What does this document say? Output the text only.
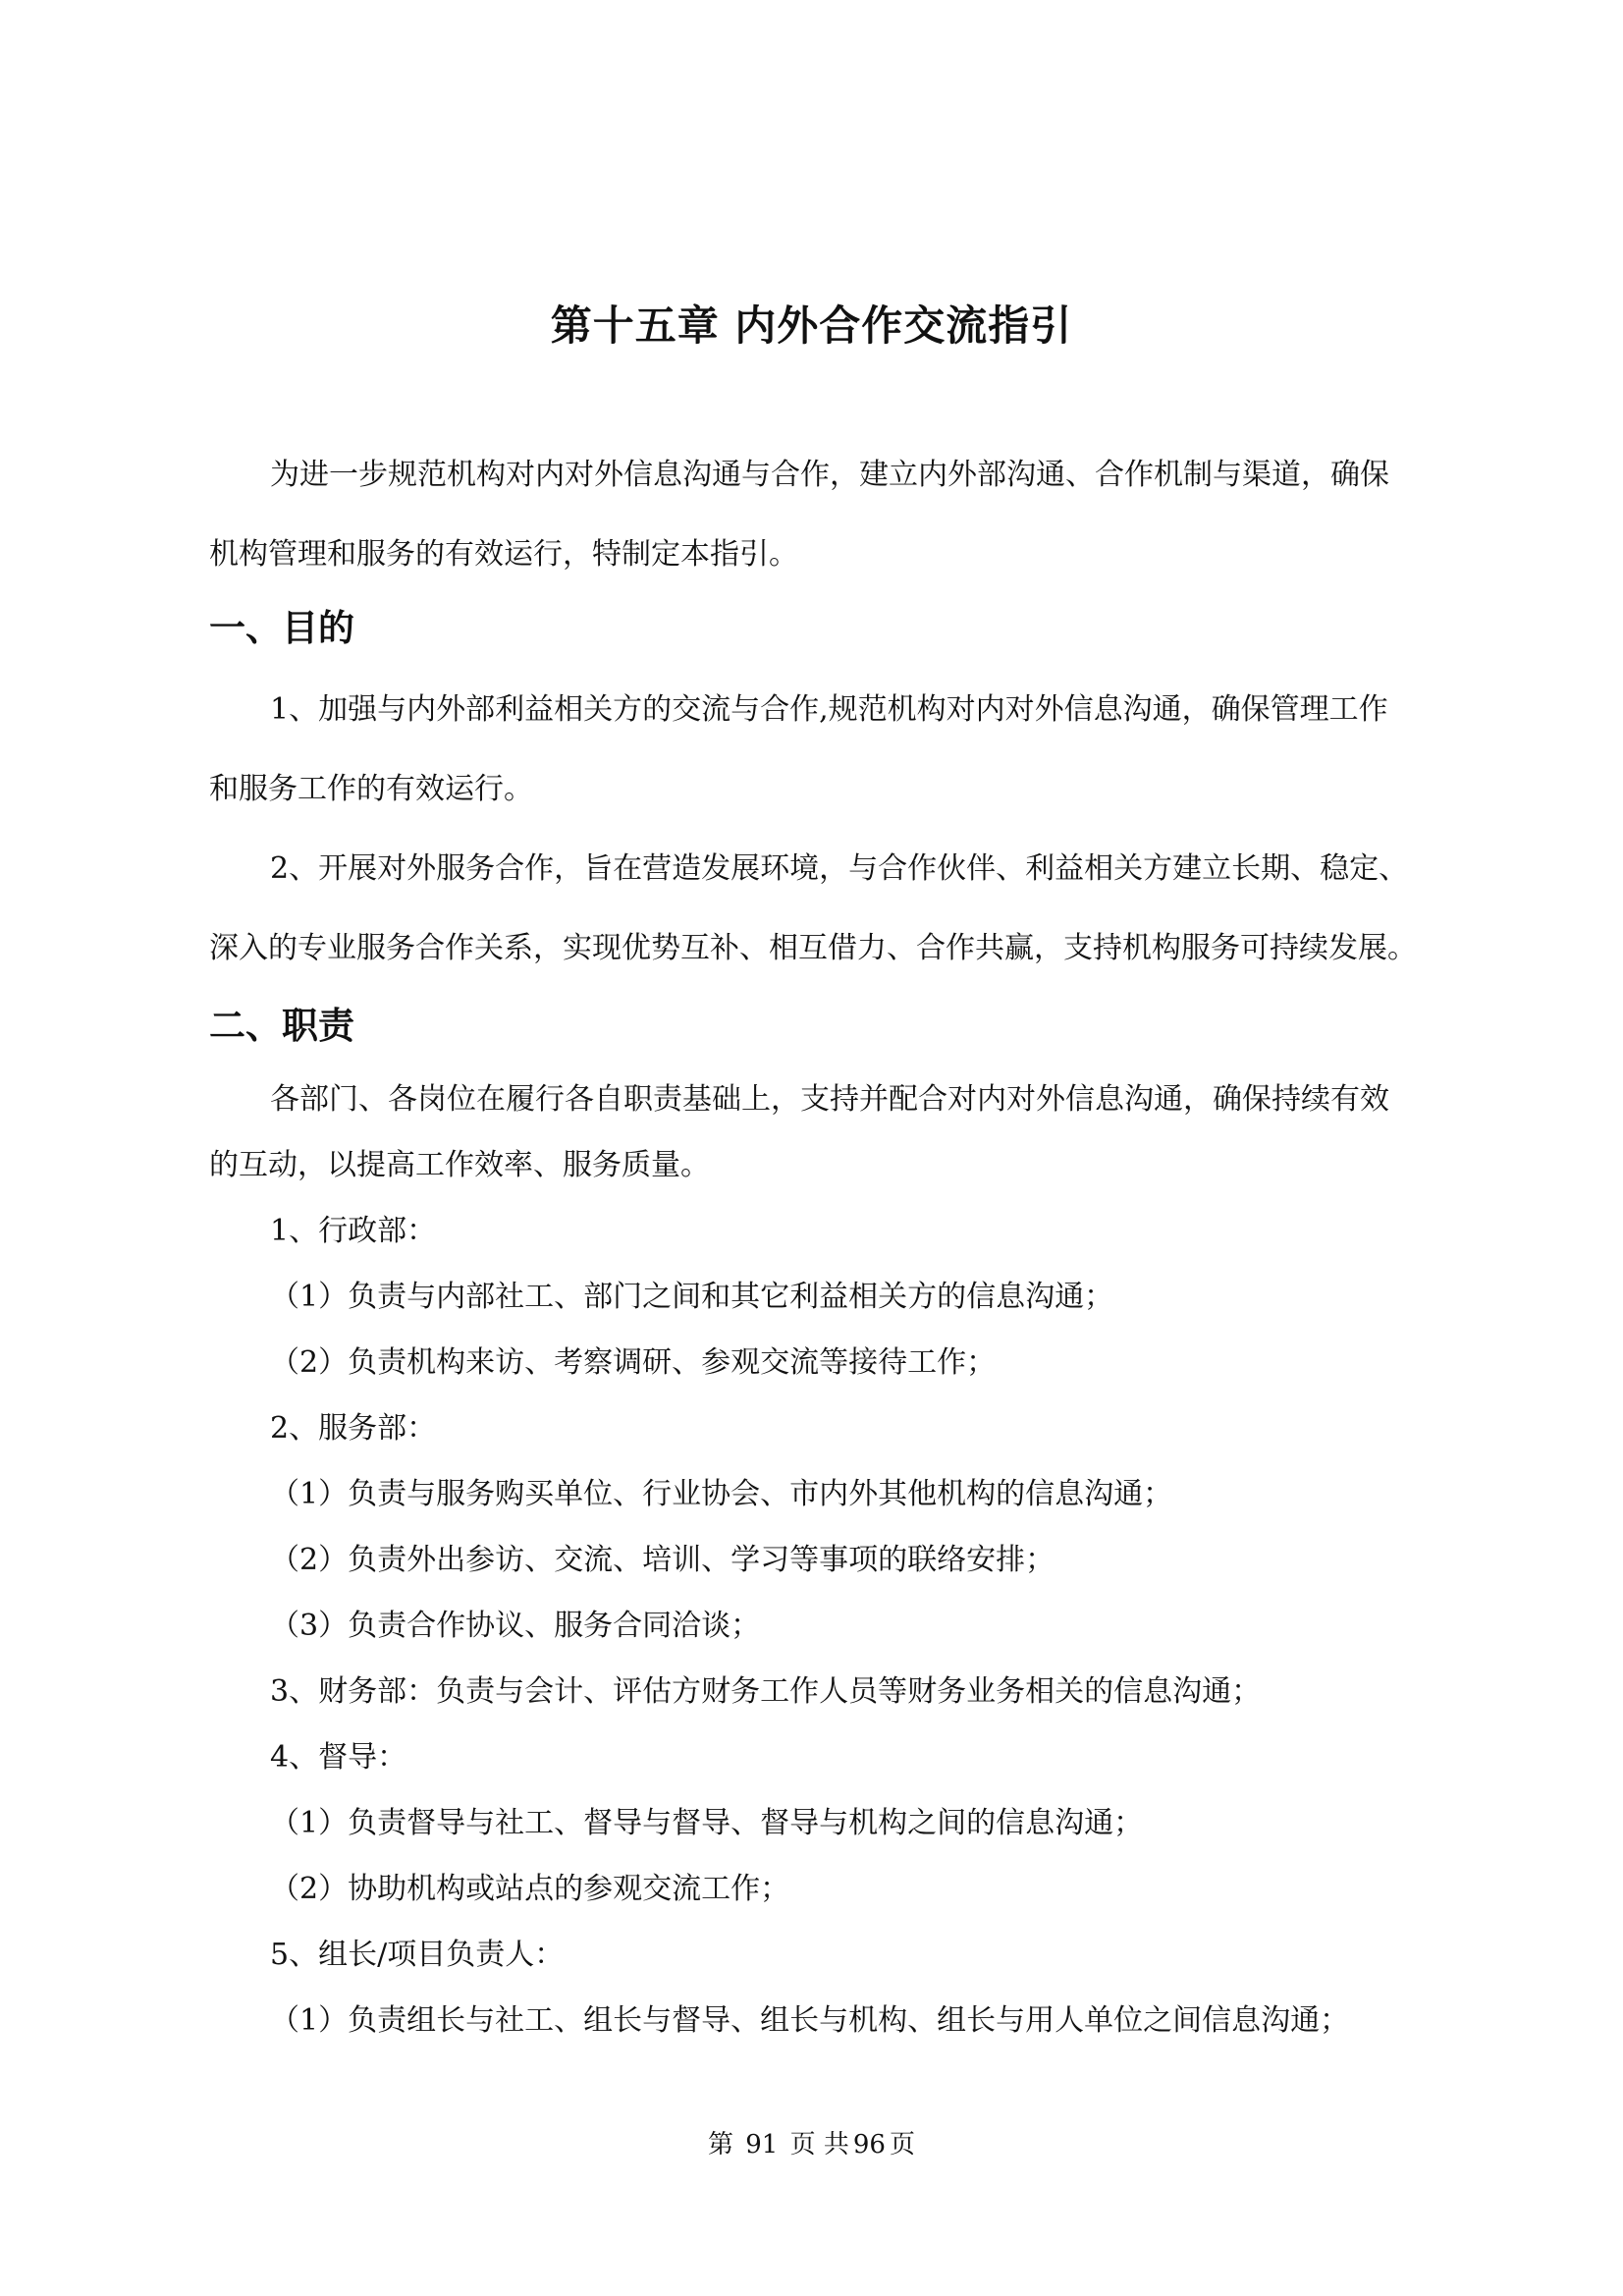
第十五章 内外合作交流指引
为进一步规范机构对内对外信息沟通与合作，建立内外部沟通、合作机制与渠道，确保
机构管理和服务的有效运行，特制定本指引。
一、目的
1、加强与内外部利益相关方的交流与合作,规范机构对内对外信息沟通，确保管理工作
和服务工作的有效运行。
2、开展对外服务合作，旨在营造发展环境，与合作伙伴、利益相关方建立长期、稳定、
深入的专业服务合作关系，实现优势互补、相互借力、合作共赢，支持机构服务可持续发展。
二、职责
各部门、各岗位在履行各自职责基础上，支持并配合对内对外信息沟通，确保持续有效
的互动，以提高工作效率、服务质量。
1、行政部：
（1）负责与内部社工、部门之间和其它利益相关方的信息沟通；
（2）负责机构来访、考察调研、参观交流等接待工作；
2、服务部：
（1）负责与服务购买单位、行业协会、市内外其他机构的信息沟通；
（2）负责外出参访、交流、培训、学习等事项的联络安排；
（3）负责合作协议、服务合同洽谈；
3、财务部：负责与会计、评估方财务工作人员等财务业务相关的信息沟通；
4、督导：
（1）负责督导与社工、督导与督导、督导与机构之间的信息沟通；
（2）协助机构或站点的参观交流工作；
5、组长/项目负责人：
（1）负责组长与社工、组长与督导、组长与机构、组长与用人单位之间信息沟通；
第 91 页 共 96 页
